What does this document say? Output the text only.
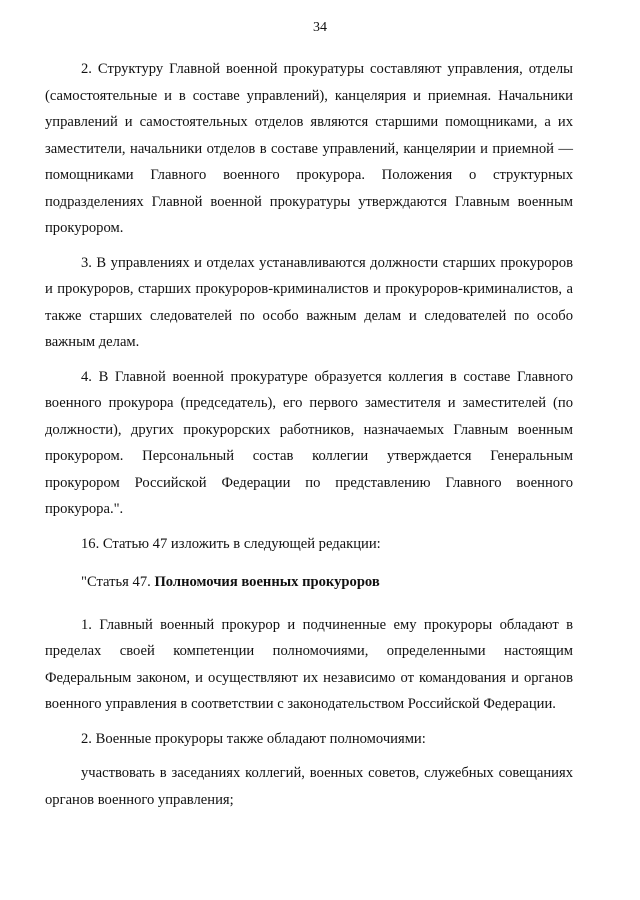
34

2. Структуру Главной военной прокуратуры составляют управления, отделы (самостоятельные и в составе управлений), канцелярия и приемная. Начальники управлений и самостоятельных отделов являются старшими помощниками, а их заместители, начальники отделов в составе управлений, канцелярии и приемной — помощниками Главного военного прокурора. Положения о структурных подразделениях Главной военной прокуратуры утверждаются Главным военным прокурором.

3. В управлениях и отделах устанавливаются должности старших прокуроров и прокуроров, старших прокуроров-криминалистов и прокуроров-криминалистов, а также старших следователей по особо важным делам и следователей по особо важным делам.

4. В Главной военной прокуратуре образуется коллегия в составе Главного военного прокурора (председатель), его первого заместителя и заместителей (по должности), других прокурорских работников, назначаемых Главным военным прокурором. Персональный состав коллегии утверждается Генеральным прокурором Российской Федерации по представлению Главного военного прокурора.".

16. Статью 47 изложить в следующей редакции:

"Статья 47. Полномочия военных прокуроров

1. Главный военный прокурор и подчиненные ему прокуроры обладают в пределах своей компетенции полномочиями, определенными настоящим Федеральным законом, и осуществляют их независимо от командования и органов военного управления в соответствии с законодательством Российской Федерации.

2. Военные прокуроры также обладают полномочиями:

участвовать в заседаниях коллегий, военных советов, служебных совещаниях органов военного управления;
